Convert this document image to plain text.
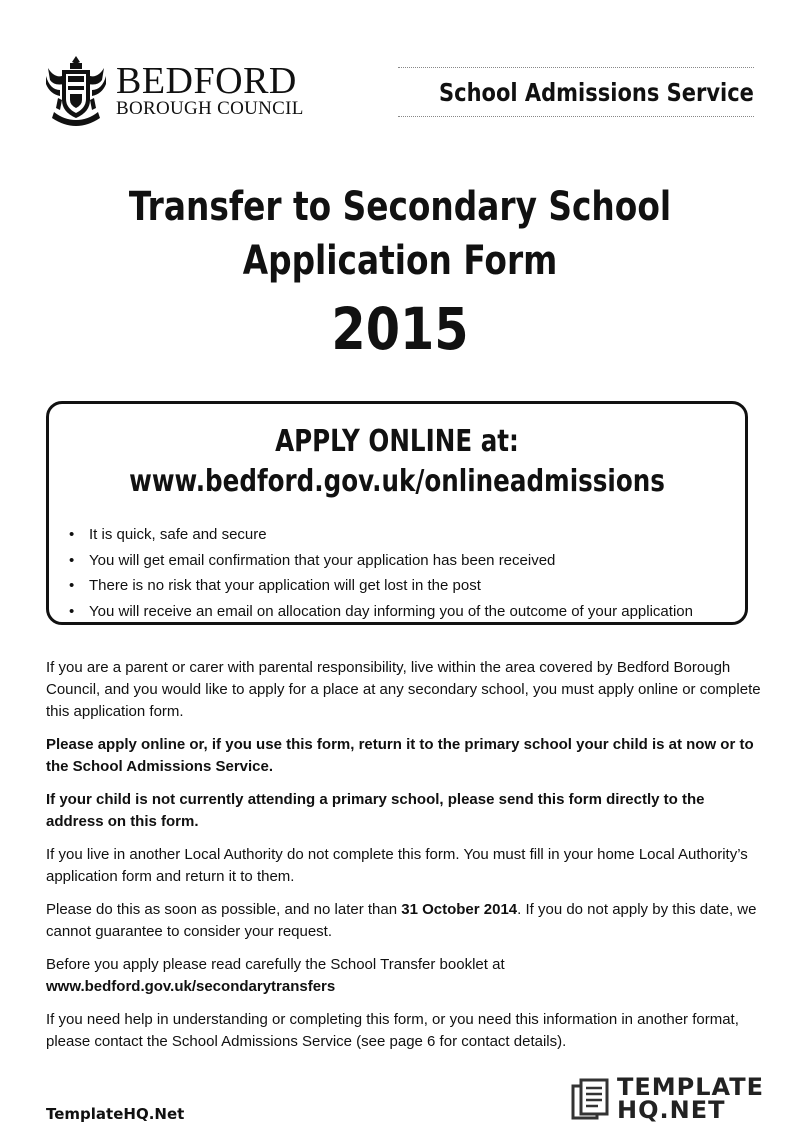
BEDFORD
BOROUGH COUNCIL
School Admissions Service
Transfer to Secondary School
Application Form
2015
APPLY ONLINE at:
www.bedford.gov.uk/onlineadmissions
• It is quick, safe and secure
• You will get email confirmation that your application has been received
• There is no risk that your application will get lost in the post
• You will receive an email on allocation day informing you of the outcome of your application

If you are a parent or carer with parental responsibility, live within the area covered by Bedford Borough Council, and you would like to apply for a place at any secondary school, you must apply online or complete this application form.

Please apply online or, if you use this form, return it to the primary school your child is at now or to the School Admissions Service.

If your child is not currently attending a primary school, please send this form directly to the address on this form.

If you live in another Local Authority do not complete this form. You must fill in your home Local Authority’s application form and return it to them.

Please do this as soon as possible, and no later than 31 October 2014. If you do not apply by this date, we cannot guarantee to consider your request.

Before you apply please read carefully the School Transfer booklet at
www.bedford.gov.uk/secondarytransfers

If you need help in understanding or completing this form, or you need this information in another format, please contact the School Admissions Service (see page 6 for contact details).

TemplateHQ.Net
TEMPLATE
HQ.NET
